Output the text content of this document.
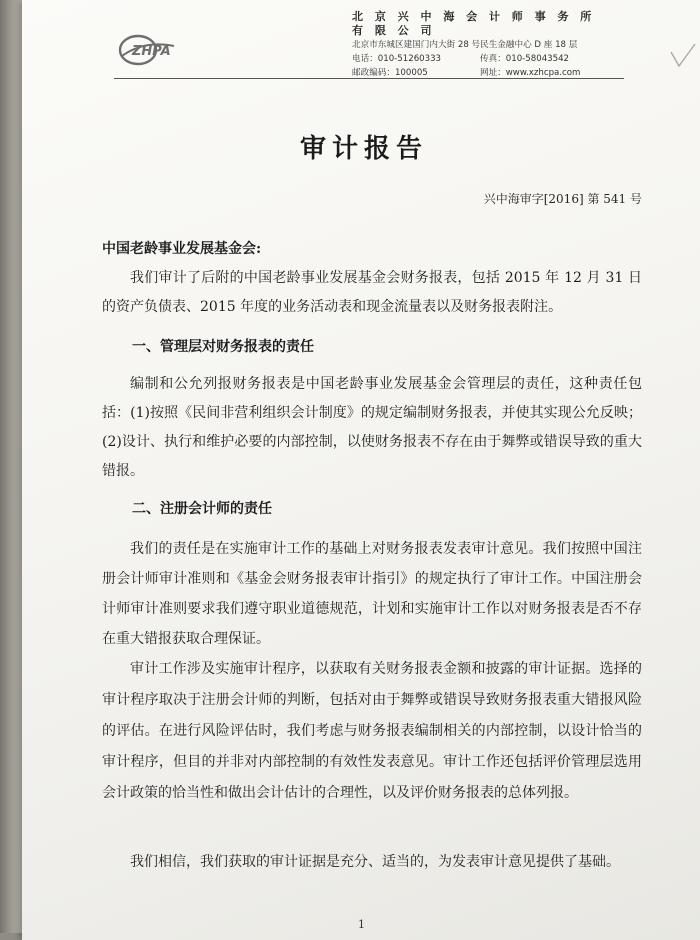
ZHPA
北 京 兴 中 海 会 计 师 事 务 所 有 限 公 司
北京市东城区建国门内大街 28 号民生金融中心 D 座 18 层
电话：010-51260333	传真：010-58043542
邮政编码：100005	网址：www.xzhcpa.com
审计报告
兴中海审字[2016] 第 541 号
中国老龄事业发展基金会:
我们审计了后附的中国老龄事业发展基金会财务报表，包括 2015 年 12 月 31 日的资产负债表、2015 年度的业务活动表和现金流量表以及财务报表附注。
一、管理层对财务报表的责任
编制和公允列报财务报表是中国老龄事业发展基金会管理层的责任，这种责任包括：(1)按照《民间非营利组织会计制度》的规定编制财务报表，并使其实现公允反映；(2)设计、执行和维护必要的内部控制，以使财务报表不存在由于舞弊或错误导致的重大错报。
二、注册会计师的责任
我们的责任是在实施审计工作的基础上对财务报表发表审计意见。我们按照中国注册会计师审计准则和《基金会财务报表审计指引》的规定执行了审计工作。中国注册会计师审计准则要求我们遵守职业道德规范，计划和实施审计工作以对财务报表是否不存在重大错报获取合理保证。
审计工作涉及实施审计程序，以获取有关财务报表金额和披露的审计证据。选择的审计程序取决于注册会计师的判断，包括对由于舞弊或错误导致财务报表重大错报风险的评估。在进行风险评估时，我们考虑与财务报表编制相关的内部控制，以设计恰当的审计程序，但目的并非对内部控制的有效性发表意见。审计工作还包括评价管理层选用会计政策的恰当性和做出会计估计的合理性，以及评价财务报表的总体列报。
我们相信，我们获取的审计证据是充分、适当的，为发表审计意见提供了基础。
1
